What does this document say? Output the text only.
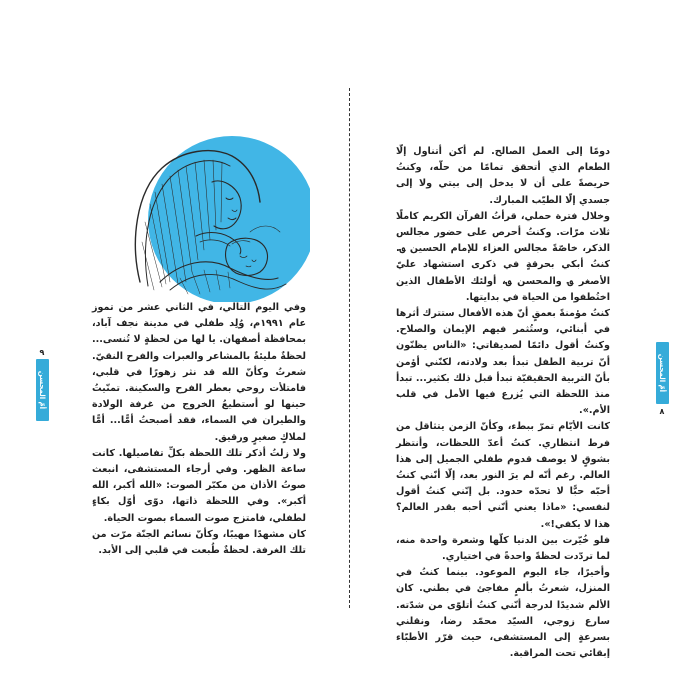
وفي اليوم التالي، في الثاني عشر من تموز عام ١٩٩١م، وُلِد طفلي في مدينة نجف آباد، بمحافظة أصفهان. يا لها من لحظةٍ لا تُنسى... لحظةٌ مليئةٌ بالمشاعر والعبرات والفرح النقيّ. شعرتُ وكأنّ الله قد نثر زهورًا في قلبي، فامتلأت روحي بعطر الفرح والسكينة. تمنّيتُ حينها لو أستطيعُ الخروج من غرفة الولادة والطيران في السماء، فقد أصبحتُ أمًّا... أمًّا لملاكٍ صغيرٍ ورقيق.

ولا زلتُ أذكر تلك اللحظة بكلِّ تفاصيلها. كانت ساعة الظهر. وفي أرجاء المستشفى، انبعث صوتُ الأذان من مكبّر الصوت: «الله أكبر، الله أكبر». وفي اللحظة ذاتها، دوّى أوّل بكاءٍ لطفلي، فامتزج صوت السماء بصوت الحياة.

كان مشهدًا مهيبًا، وكأنّ نسائم الجنّة مرّت من تلك الغرفة. لحظةٌ طُبعت في قلبي إلى الأبد.

٩
أمّ المحسن	أمّ المحسن
٨

دومًا إلى العمل الصالح. لم أكن أتناول إلّا الطعام الذي أتحقق تمامًا من حلّه، وكنتُ حريصةً على أن لا يدخل إلى بيتي ولا إلى جسدي إلّا الطيّب المبارك.

وخلال فترة حملي، قرأتُ القرآن الكريم كاملًا ثلاث مرّات. وكنتُ أحرص على حضور مجالس الذكر، خاصّةً مجالس العزاء للإمام الحسين ؈. كنتُ أبكي بحرقةٍ في ذكرى استشهاد عليّ الأصغر ؈ والمحسن ؈، أولئك الأطفال الذين اختُطفوا من الحياة في بدايتها.

كنتُ مؤمنةً بعمقٍ أنّ هذه الأفعال ستترك أثرها في أبنائي، وستُثمر فيهم الإيمان والصلاح. وكنتُ أقول دائمًا لصديقاتي: «الناس يظنّون أنّ تربية الطفل تبدأ بعد ولادته، لكنّني أؤمن بأنّ التربية الحقيقيّة تبدأ قبل ذلك بكثير... تبدأ منذ اللحظة التي يُزرع فيها الأمل في قلب الأم.».

كانت الأيّام تمرّ ببطء، وكأنّ الزمن يتثاقل من فرط انتظاري. كنتُ أعدّ اللحظات، وأنتظر بشوقٍ لا يوصف قدوم طفلي الجميل إلى هذا العالم. رغم أنّه لم يرَ النور بعد، إلّا أنّني كنتُ أحبّه حبًّا لا تحدّه حدود. بل إنّني كنتُ أقول لنفسي: «ماذا يعني أنّني أحبه بقدر العالم؟ هذا لا يكفي!».

فلو خُيّرت بين الدنيا كلّها وشعرة واحدة منه، لما تردّدت لحظةً واحدةً في اختياري.

وأخيرًا، جاء اليوم الموعود. بينما كنتُ في المنزل، شعرتُ بألمٍ مفاجئ في بطني. كان الألم شديدًا لدرجة أنّني كنتُ أتلوّى من شدّته. سارع زوجي، السيّد محمّد رضا، ونقلني بسرعةٍ إلى المستشفى، حيث قرّر الأطبّاء إبقائي تحت المراقبة.
